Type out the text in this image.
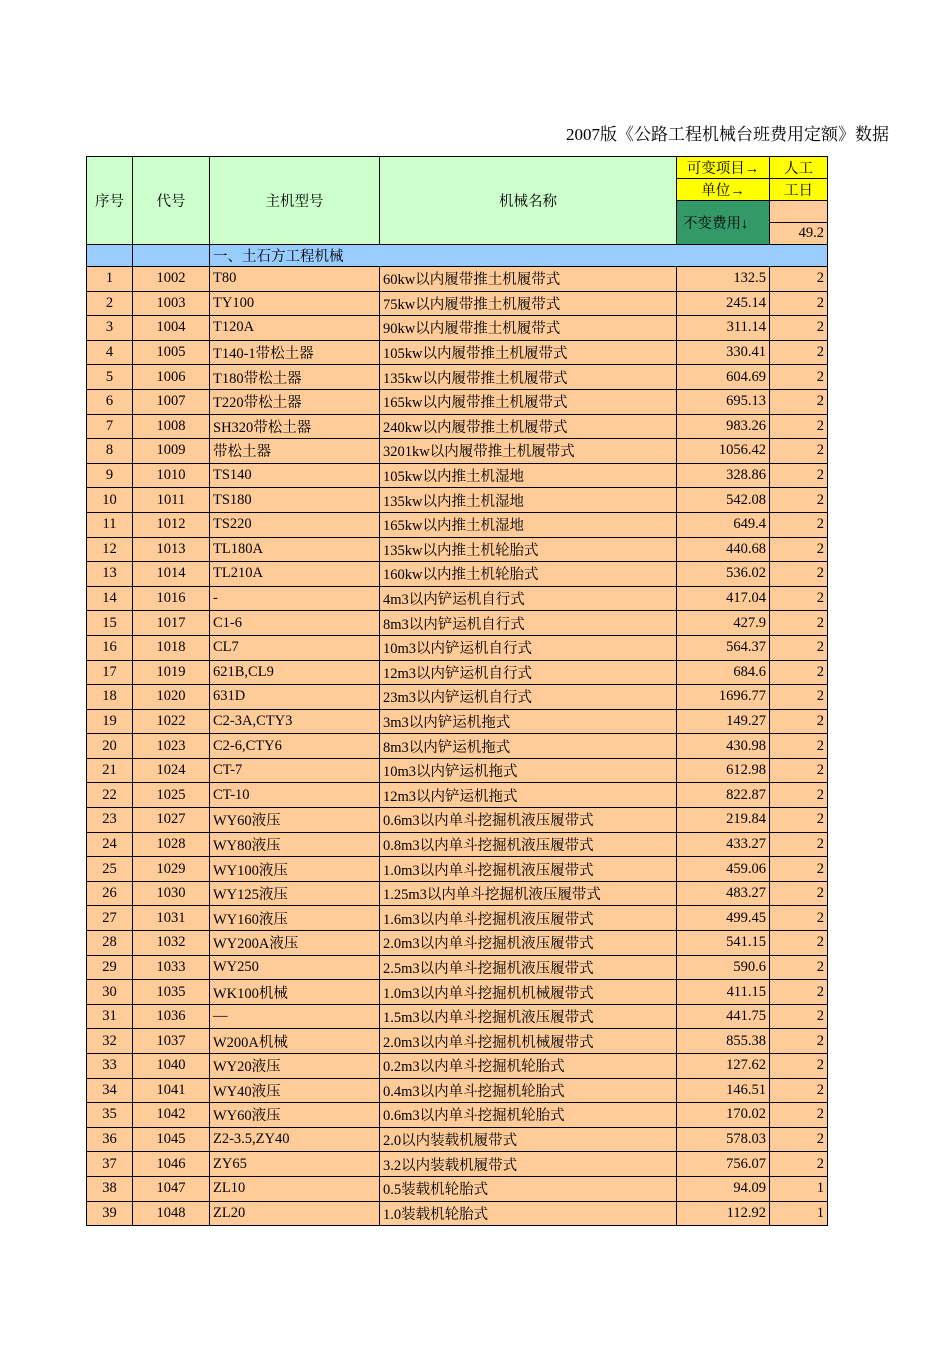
2007版《公路工程机械台班费用定额》数据
序号	代号	主机型号	机械名称	可变项目→	人工
				单位→	工日
				不变费用↓	
					49.2
		一、土石方工程机械			
1	1002	T80	60kw以内履带推土机履带式	132.5	2
2	1003	TY100	75kw以内履带推土机履带式	245.14	2
3	1004	T120A	90kw以内履带推土机履带式	311.14	2
4	1005	T140-1带松土器	105kw以内履带推土机履带式	330.41	2
5	1006	T180带松土器	135kw以内履带推土机履带式	604.69	2
6	1007	T220带松土器	165kw以内履带推土机履带式	695.13	2
7	1008	SH320带松土器	240kw以内履带推土机履带式	983.26	2
8	1009	带松土器	3201kw以内履带推土机履带式	1056.42	2
9	1010	TS140	105kw以内推土机湿地	328.86	2
10	1011	TS180	135kw以内推土机湿地	542.08	2
11	1012	TS220	165kw以内推土机湿地	649.4	2
12	1013	TL180A	135kw以内推土机轮胎式	440.68	2
13	1014	TL210A	160kw以内推土机轮胎式	536.02	2
14	1016	-	4m3以内铲运机自行式	417.04	2
15	1017	C1-6	8m3以内铲运机自行式	427.9	2
16	1018	CL7	10m3以内铲运机自行式	564.37	2
17	1019	621B,CL9	12m3以内铲运机自行式	684.6	2
18	1020	631D	23m3以内铲运机自行式	1696.77	2
19	1022	C2-3A,CTY3	3m3以内铲运机拖式	149.27	2
20	1023	C2-6,CTY6	8m3以内铲运机拖式	430.98	2
21	1024	CT-7	10m3以内铲运机拖式	612.98	2
22	1025	CT-10	12m3以内铲运机拖式	822.87	2
23	1027	WY60液压	0.6m3以内单斗挖掘机液压履带式	219.84	2
24	1028	WY80液压	0.8m3以内单斗挖掘机液压履带式	433.27	2
25	1029	WY100液压	1.0m3以内单斗挖掘机液压履带式	459.06	2
26	1030	WY125液压	1.25m3以内单斗挖掘机液压履带式	483.27	2
27	1031	WY160液压	1.6m3以内单斗挖掘机液压履带式	499.45	2
28	1032	WY200A液压	2.0m3以内单斗挖掘机液压履带式	541.15	2
29	1033	WY250	2.5m3以内单斗挖掘机液压履带式	590.6	2
30	1035	WK100机械	1.0m3以内单斗挖掘机机械履带式	411.15	2
31	1036	—	1.5m3以内单斗挖掘机液压履带式	441.75	2
32	1037	W200A机械	2.0m3以内单斗挖掘机机械履带式	855.38	2
33	1040	WY20液压	0.2m3以内单斗挖掘机轮胎式	127.62	2
34	1041	WY40液压	0.4m3以内单斗挖掘机轮胎式	146.51	2
35	1042	WY60液压	0.6m3以内单斗挖掘机轮胎式	170.02	2
36	1045	Z2-3.5,ZY40	2.0以内装载机履带式	578.03	2
37	1046	ZY65	3.2以内装载机履带式	756.07	2
38	1047	ZL10	0.5装载机轮胎式	94.09	1
39	1048	ZL20	1.0装载机轮胎式	112.92	1
